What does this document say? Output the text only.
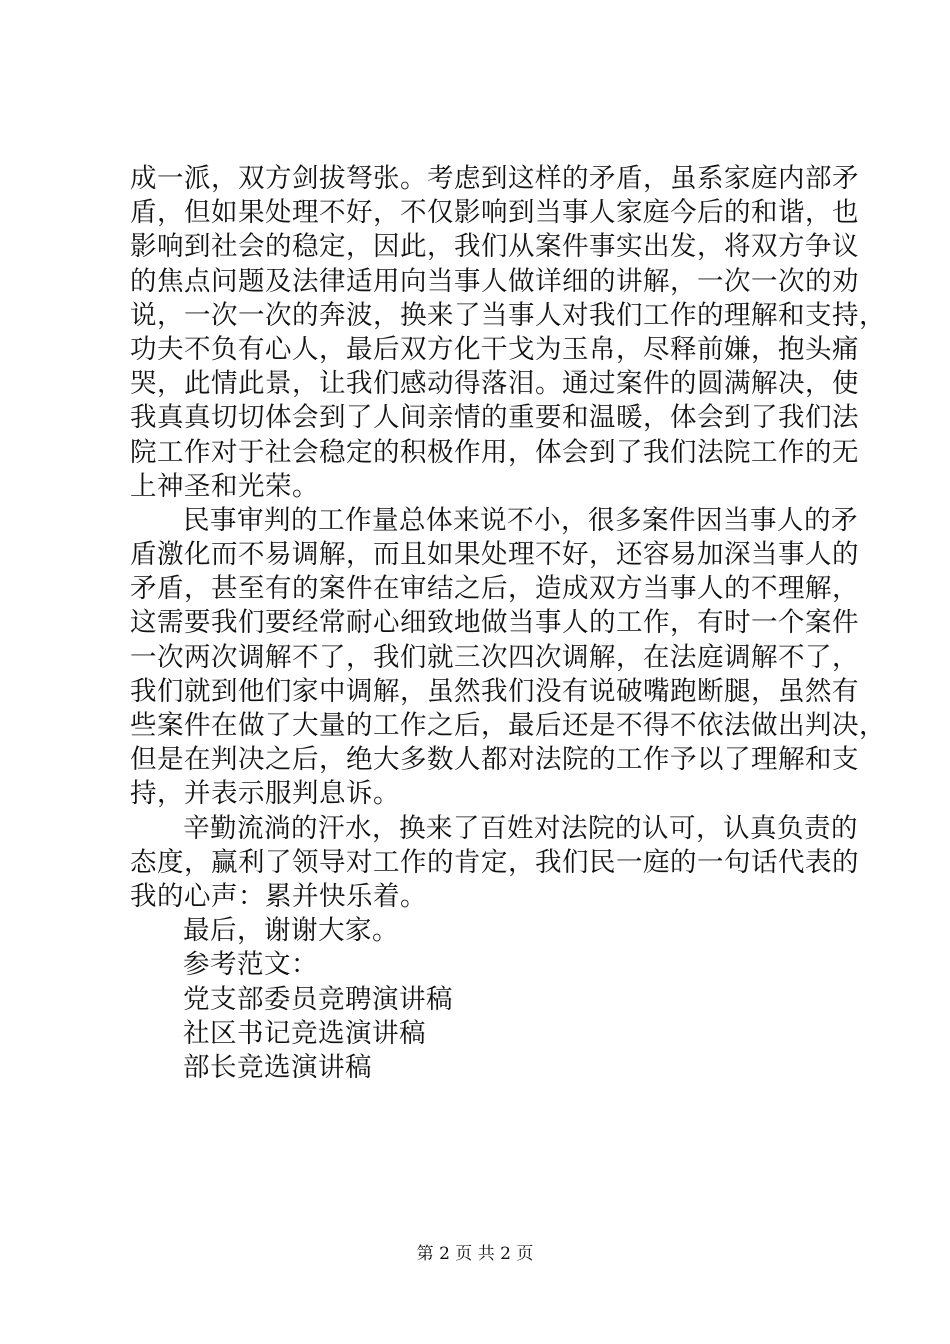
成一派，双方剑拔弩张。考虑到这样的矛盾，虽系家庭内部矛
盾，但如果处理不好，不仅影响到当事人家庭今后的和谐，也
影响到社会的稳定，因此，我们从案件事实出发，将双方争议
的焦点问题及法律适用向当事人做详细的讲解，一次一次的劝
说，一次一次的奔波，换来了当事人对我们工作的理解和支持，
功夫不负有心人，最后双方化干戈为玉帛，尽释前嫌，抱头痛
哭，此情此景，让我们感动得落泪。通过案件的圆满解决，使
我真真切切体会到了人间亲情的重要和温暖，体会到了我们法
院工作对于社会稳定的积极作用，体会到了我们法院工作的无
上神圣和光荣。
民事审判的工作量总体来说不小，很多案件因当事人的矛
盾激化而不易调解，而且如果处理不好，还容易加深当事人的
矛盾，甚至有的案件在审结之后，造成双方当事人的不理解，
这需要我们要经常耐心细致地做当事人的工作，有时一个案件
一次两次调解不了，我们就三次四次调解，在法庭调解不了，
我们就到他们家中调解，虽然我们没有说破嘴跑断腿，虽然有
些案件在做了大量的工作之后，最后还是不得不依法做出判决，
但是在判决之后，绝大多数人都对法院的工作予以了理解和支
持，并表示服判息诉。
辛勤流淌的汗水，换来了百姓对法院的认可，认真负责的
态度，赢利了领导对工作的肯定，我们民一庭的一句话代表的
我的心声：累并快乐着。
最后，谢谢大家。
参考范文：
党支部委员竞聘演讲稿
社区书记竞选演讲稿
部长竞选演讲稿
第 2 页 共 2 页
